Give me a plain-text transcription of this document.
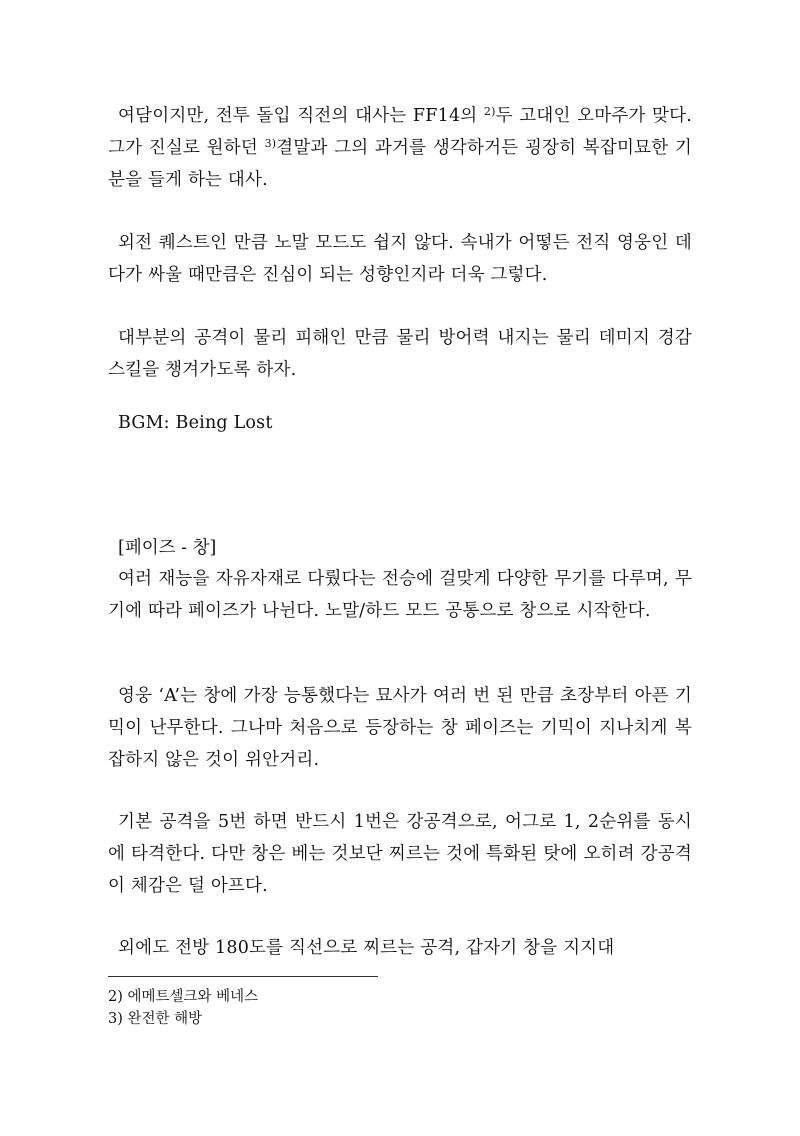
여담이지만, 전투 돌입 직전의 대사는 FF14의 $^{2)}$두 고대인 오마주가 맞다. 그가 진실로 원하던 $^{3)}$결말과 그의 과거를 생각하거든 굉장히 복잡미묘한 기분을 들게 하는 대사.

외전 퀘스트인 만큼 노말 모드도 쉽지 않다. 속내가 어떻든 전직 영웅인 데다가 싸울 때만큼은 진심이 되는 성향인지라 더욱 그렇다.

대부분의 공격이 물리 피해인 만큼 물리 방어력 내지는 물리 데미지 경감 스킬을 챙겨가도록 하자.

BGM: Being Lost

[페이즈 - 창]

여러 재능을 자유자재로 다뤘다는 전승에 걸맞게 다양한 무기를 다루며, 무기에 따라 페이즈가 나뉜다. 노말/하드 모드 공통으로 창으로 시작한다.

영웅 ‘A’는 창에 가장 능통했다는 묘사가 여러 번 된 만큼 초장부터 아픈 기믹이 난무한다. 그나마 처음으로 등장하는 창 페이즈는 기믹이 지나치게 복잡하지 않은 것이 위안거리.

기본 공격을 5번 하면 반드시 1번은 강공격으로, 어그로 1, 2순위를 동시에 타격한다. 다만 창은 베는 것보단 찌르는 것에 특화된 탓에 오히려 강공격이 체감은 덜 아프다.

외에도 전방 180도를 직선으로 찌르는 공격, 갑자기 창을 지지대

2) 에메트셀크와 베네스

3) 완전한 해방
